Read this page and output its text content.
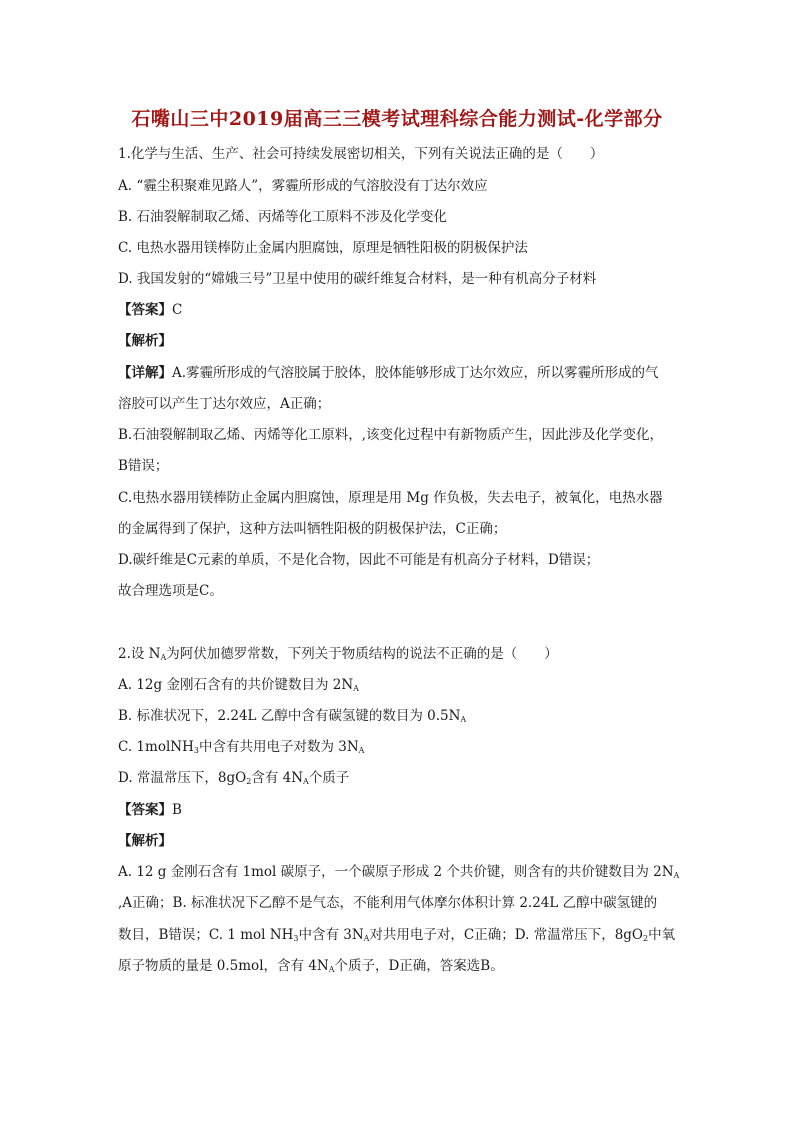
石嘴山三中2019届高三三模考试理科综合能力测试-化学部分
1.化学与生活、生产、社会可持续发展密切相关，下列有关说法正确的是（　　）
A. “霾尘积聚难见路人”，雾霾所形成的气溶胶没有丁达尔效应
B. 石油裂解制取乙烯、丙烯等化工原料不涉及化学变化
C. 电热水器用镁棒防止金属内胆腐蚀，原理是牺牲阳极的阴极保护法
D. 我国发射的“嫦娥三号”卫星中使用的碳纤维复合材料，是一种有机高分子材料
【答案】C
【解析】
【详解】A.雾霾所形成的气溶胶属于胶体，胶体能够形成丁达尔效应，所以雾霾所形成的气
溶胶可以产生丁达尔效应，A正确；
B.石油裂解制取乙烯、丙烯等化工原料，,该变化过程中有新物质产生，因此涉及化学变化，
B错误；
C.电热水器用镁棒防止金属内胆腐蚀，原理是用 Mg 作负极，失去电子，被氧化，电热水器
的金属得到了保护，这种方法叫牺牲阳极的阴极保护法，C正确；
D.碳纤维是C元素的单质，不是化合物，因此不可能是有机高分子材料，D错误；
故合理选项是C。
2.设 $N_A$为阿伏加德罗常数，下列关于物质结构的说法不正确的是（　　）
A. 12g 金刚石含有的共价键数目为 $2N_A$
B. 标准状况下，2.24L 乙醇中含有碳氢键的数目为 $0.5N_A$
C. 1molNH$_3$中含有共用电子对数为 $3N_A$
D. 常温常压下，$8gO_2$含有 $4N_A$个质子
【答案】B
【解析】
A. 12 g 金刚石含有 1mol 碳原子，一个碳原子形成 2 个共价键，则含有的共价键数目为 $2N_A$
,A正确；B. 标准状况下乙醇不是气态，不能利用气体摩尔体积计算 2.24L 乙醇中碳氢键的
数目，B错误；C. 1 mol $NH_3$中含有 $3N_A$对共用电子对，C正确；D. 常温常压下，$8gO_2$中氧
原子物质的量是 0.5mol，含有 $4N_A$个质子，D正确，答案选B。
